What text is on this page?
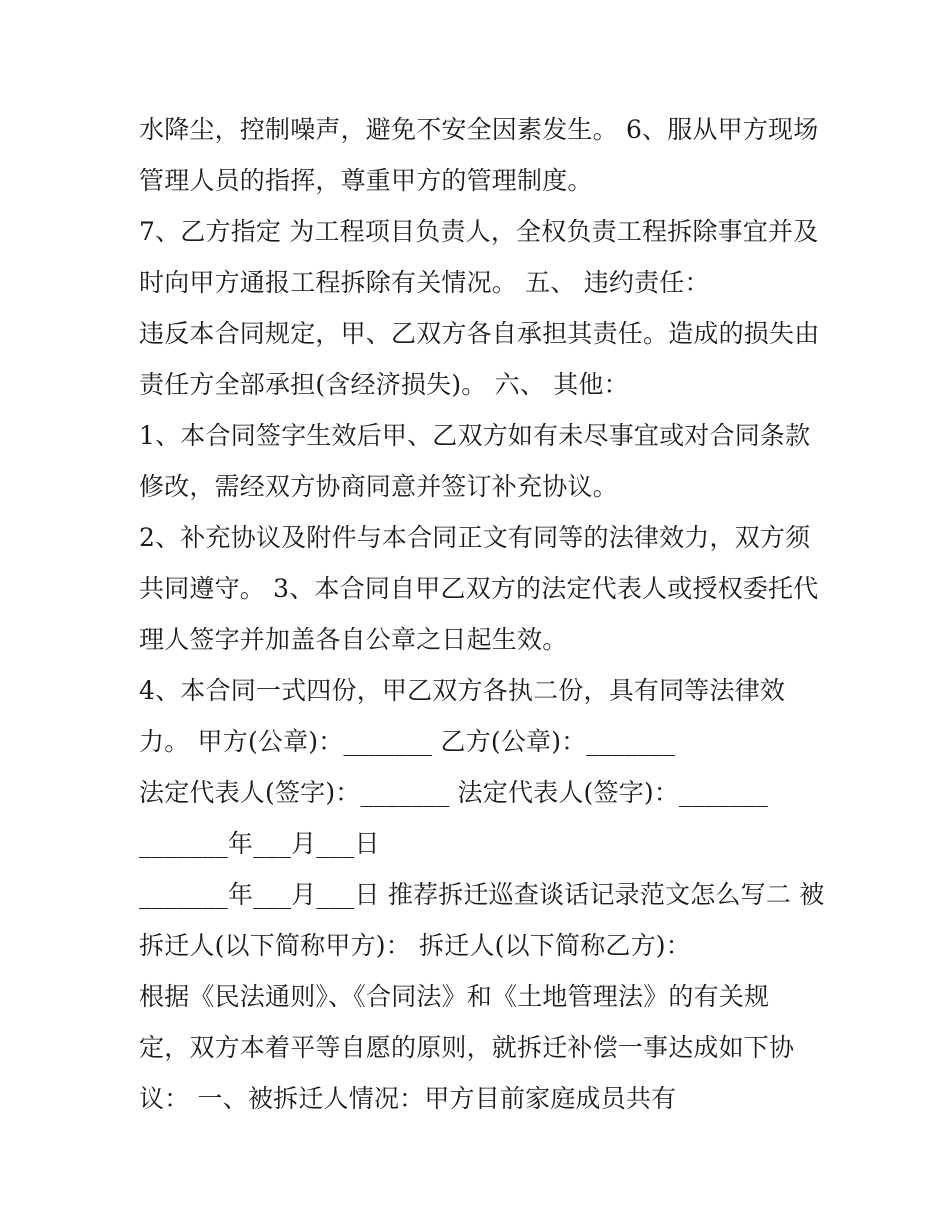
水降尘，控制噪声，避免不安全因素发生。 6、服从甲方现场
管理人员的指挥，尊重甲方的管理制度。
7、乙方指定 为工程项目负责人，全权负责工程拆除事宜并及
时向甲方通报工程拆除有关情况。 五、 违约责任：
违反本合同规定，甲、乙双方各自承担其责任。造成的损失由
责任方全部承担(含经济损失)。 六、 其他：
1、本合同签字生效后甲、乙双方如有未尽事宜或对合同条款
修改，需经双方协商同意并签订补充协议。
2、补充协议及附件与本合同正文有同等的法律效力，双方须
共同遵守。 3、本合同自甲乙双方的法定代表人或授权委托代
理人签字并加盖各自公章之日起生效。
4、本合同一式四份，甲乙双方各执二份，具有同等法律效
力。 甲方(公章)：_______ 乙方(公章)：_______
法定代表人(签字)：_______ 法定代表人(签字)：_______
_______年___月___日
_______年___月___日 推荐拆迁巡查谈话记录范文怎么写二 被
拆迁人(以下简称甲方)： 拆迁人(以下简称乙方)：
根据《民法通则》、《合同法》和《土地管理法》的有关规
定，双方本着平等自愿的原则，就拆迁补偿一事达成如下协
议： 一、被拆迁人情况：甲方目前家庭成员共有
